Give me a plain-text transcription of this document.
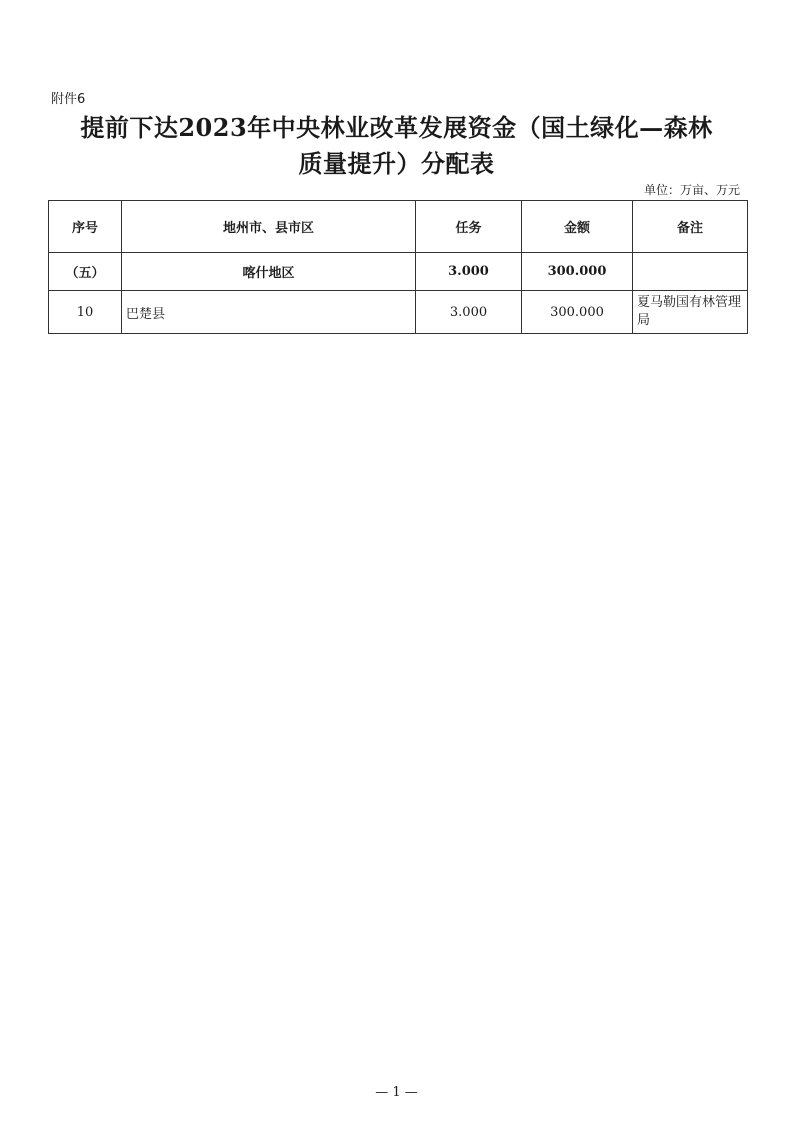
附件6
提前下达2023年中央林业改革发展资金（国土绿化—森林
质量提升）分配表
单位：万亩、万元
序号	地州市、县市区	任务	金额	备注
（五）	喀什地区	3.000	300.000	
10	巴楚县	3.000	300.000	夏马勒国有林管理局
— 1 —
